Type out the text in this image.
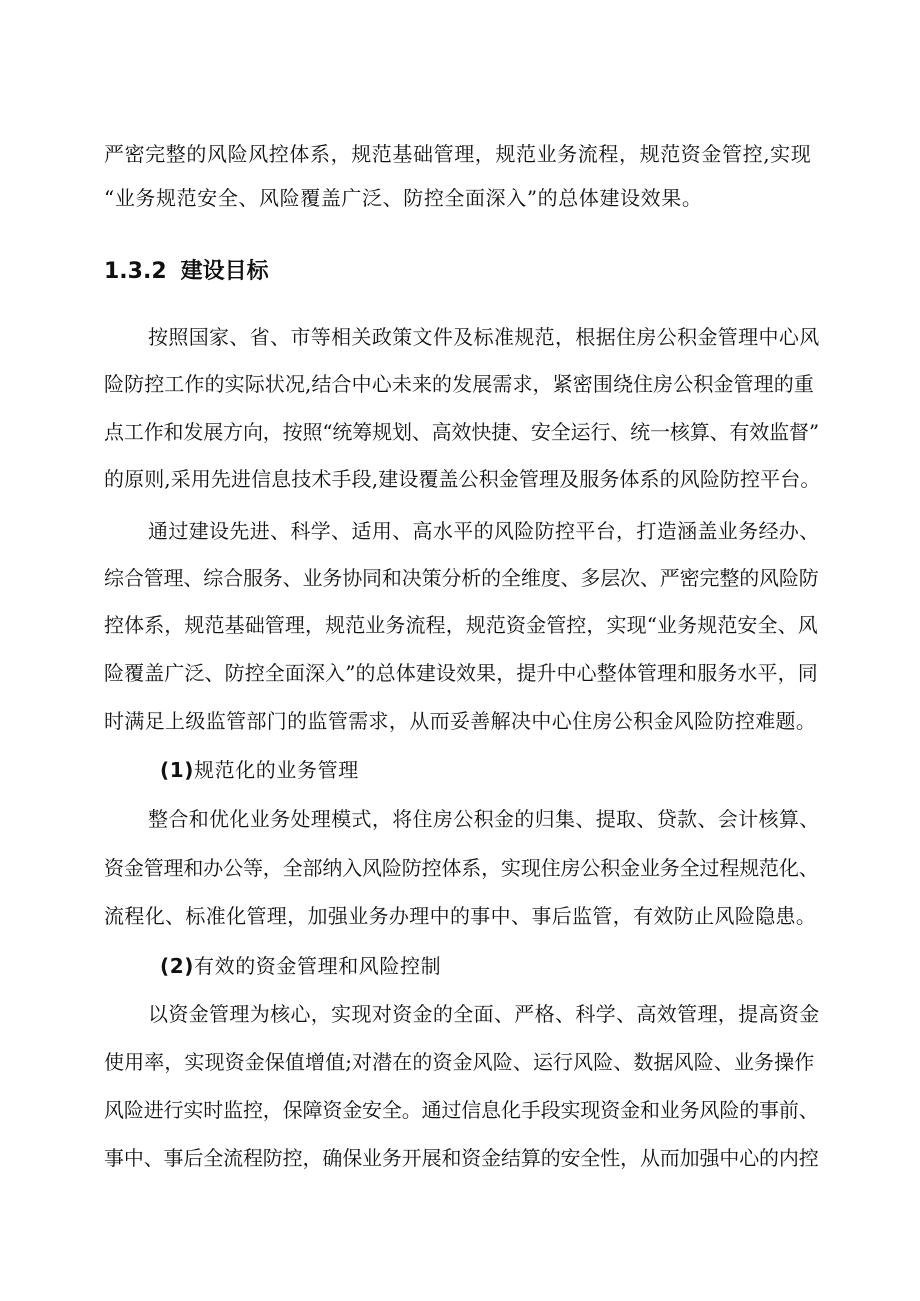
严密完整的风险风控体系，规范基础管理，规范业务流程，规范资金管控,实现
“业务规范安全、风险覆盖广泛、防控全面深入”的总体建设效果。
1.3.2 建设目标
按照国家、省、市等相关政策文件及标准规范，根据住房公积金管理中心风
险防控工作的实际状况,结合中心未来的发展需求，紧密围绕住房公积金管理的重
点工作和发展方向，按照“统筹规划、高效快捷、安全运行、统一核算、有效监督”
的原则,采用先进信息技术手段,建设覆盖公积金管理及服务体系的风险防控平台。
通过建设先进、科学、适用、高水平的风险防控平台，打造涵盖业务经办、
综合管理、综合服务、业务协同和决策分析的全维度、多层次、严密完整的风险防
控体系，规范基础管理，规范业务流程，规范资金管控，实现“业务规范安全、风
险覆盖广泛、防控全面深入”的总体建设效果，提升中心整体管理和服务水平，同
时满足上级监管部门的监管需求，从而妥善解决中心住房公积金风险防控难题。
(1)规范化的业务管理
整合和优化业务处理模式，将住房公积金的归集、提取、贷款、会计核算、
资金管理和办公等，全部纳入风险防控体系，实现住房公积金业务全过程规范化、
流程化、标准化管理，加强业务办理中的事中、事后监管，有效防止风险隐患。
(2)有效的资金管理和风险控制
以资金管理为核心，实现对资金的全面、严格、科学、高效管理，提高资金
使用率，实现资金保值增值;对潜在的资金风险、运行风险、数据风险、业务操作
风险进行实时监控，保障资金安全。通过信息化手段实现资金和业务风险的事前、
事中、事后全流程防控，确保业务开展和资金结算的安全性，从而加强中心的内控
